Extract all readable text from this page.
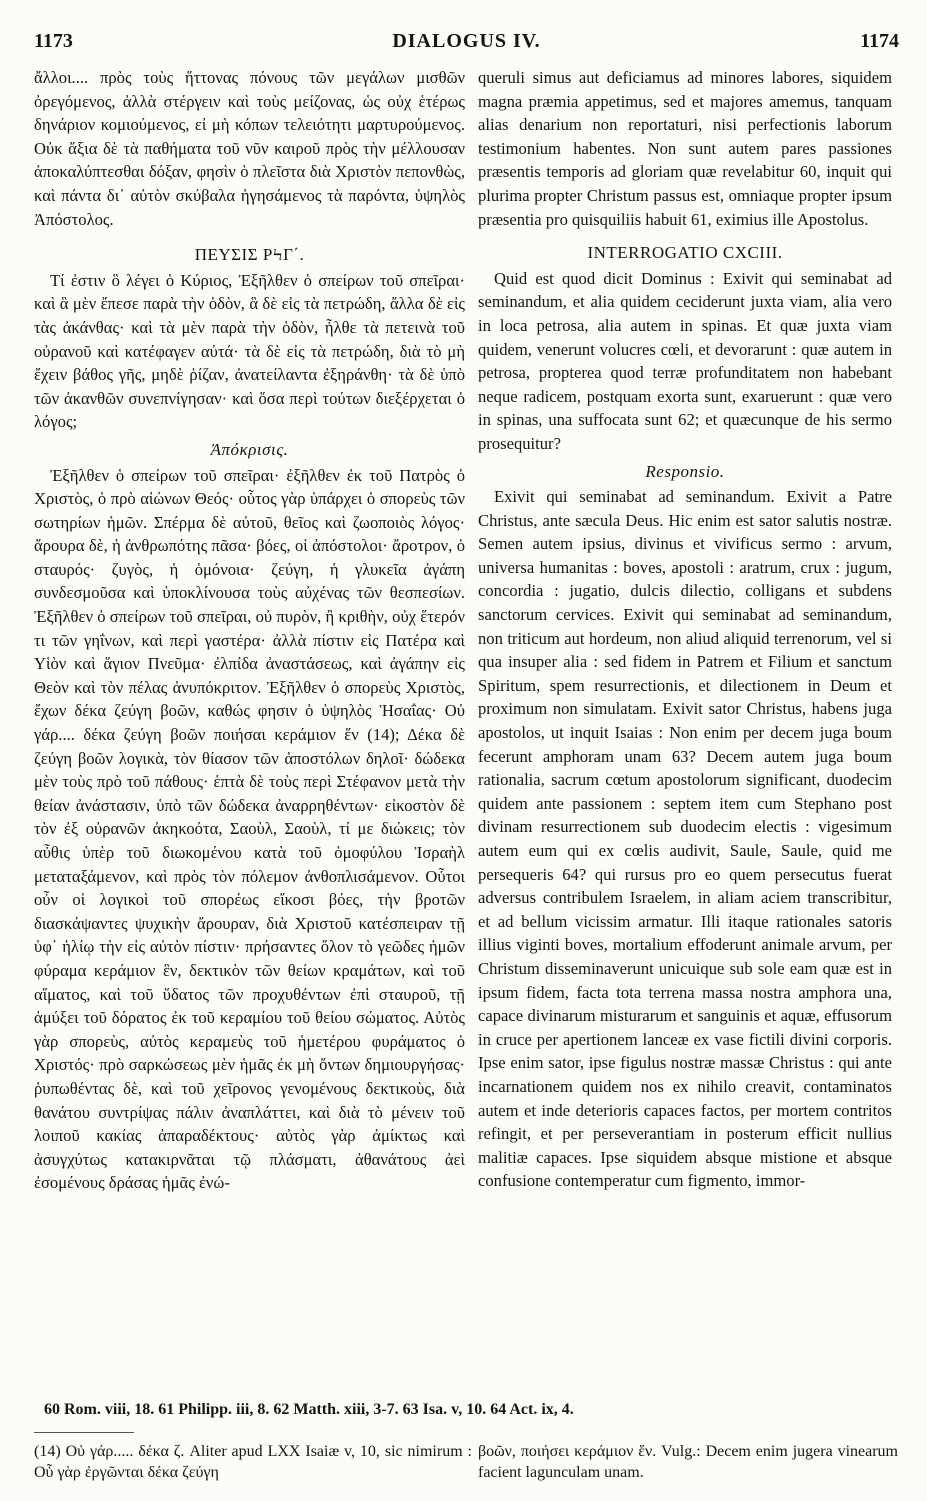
1173	DIALOGUS IV.	1174

ἄλλοι.... πρὸς τοὺς ἥττονας πόνους τῶν μεγάλων μισθῶν ὀρεγόμενος, ἀλλὰ στέργειν καὶ τοὺς μείζονας, ὡς οὐχ ἑτέρως δηνάριον κομιούμενος, εἰ μὴ κόπων τελειότητι μαρτυρούμενος. Οὐκ ἄξια δὲ τὰ παθήματα τοῦ νῦν καιροῦ πρὸς τὴν μέλλουσαν ἀποκαλύπτεσθαι δόξαν, φησὶν ὁ πλεῖστα διὰ Χριστὸν πεπονθὼς, καὶ πάντα δι᾽ αὐτὸν σκύβαλα ἡγησάμενος τὰ παρόντα, ὑψηλὸς Ἀπόστολος.

ΠΕΥΣΙΣ ΡϞΓ΄.

Τί ἐστιν ὃ λέγει ὁ Κύριος, Ἐξῆλθεν ὁ σπείρων τοῦ σπεῖραι· καὶ ἃ μὲν ἔπεσε παρὰ τὴν ὁδὸν, ἃ δὲ εἰς τὰ πετρώδη, ἄλλα δὲ εἰς τὰς ἀκάνθας· καὶ τὰ μὲν παρὰ τὴν ὁδὸν, ἦλθε τὰ πετεινὰ τοῦ οὐρανοῦ καὶ κατέφαγεν αὐτά· τὰ δὲ εἰς τὰ πετρώδη, διὰ τὸ μὴ ἔχειν βάθος γῆς, μηδὲ ῥίζαν, ἀνατείλαντα ἐξηράνθη· τὰ δὲ ὑπὸ τῶν ἀκανθῶν συνεπνίγησαν· καὶ ὅσα περὶ τούτων διεξέρχεται ὁ λόγος;

Ἀπόκρισις.

Ἐξῆλθεν ὁ σπείρων τοῦ σπεῖραι· ἐξῆλθεν ἐκ τοῦ Πατρὸς ὁ Χριστὸς, ὁ πρὸ αἰώνων Θεός· οὗτος γὰρ ὑπάρχει ὁ σπορεὺς τῶν σωτηρίων ἡμῶν. Σπέρμα δὲ αὐτοῦ, θεῖος καὶ ζωοποιὸς λόγος· ἄρουρα δὲ, ἡ ἀνθρωπότης πᾶσα· βόες, οἱ ἀπόστολοι· ἄροτρον, ὁ σταυρός· ζυγὸς, ἡ ὁμόνοια· ζεύγη, ἡ γλυκεῖα ἀγάπη συνδεσμοῦσα καὶ ὑποκλίνουσα τοὺς αὐχένας τῶν θεσπεσίων. Ἐξῆλθεν ὁ σπείρων τοῦ σπεῖραι, οὐ πυρὸν, ἢ κριθὴν, οὐχ ἕτερόν τι τῶν γηΐνων, καὶ περὶ γαστέρα· ἀλλὰ πίστιν εἰς Πατέρα καὶ Υἱὸν καὶ ἅγιον Πνεῦμα· ἐλπίδα ἀναστάσεως, καὶ ἀγάπην εἰς Θεὸν καὶ τὸν πέλας ἀνυπόκριτον. Ἐξῆλθεν ὁ σπορεὺς Χριστὸς, ἔχων δέκα ζεύγη βοῶν, καθώς φησιν ὁ ὑψηλὸς Ἡσαΐας· Οὐ γάρ.... δέκα ζεύγη βοῶν ποιήσαι κεράμιον ἕν (14); Δέκα δὲ ζεύγη βοῶν λογικὰ, τὸν θίασον τῶν ἀποστόλων δηλοῖ· δώδεκα μὲν τοὺς πρὸ τοῦ πάθους· ἑπτὰ δὲ τοὺς περὶ Στέφανον μετὰ τὴν θείαν ἀνάστασιν, ὑπὸ τῶν δώδεκα ἀναρρηθέντων· εἰκοστὸν δὲ τὸν ἐξ οὐρανῶν ἀκηκοότα, Σαοὺλ, Σαοὺλ, τί με διώκεις; τὸν αὖθις ὑπὲρ τοῦ διωκομένου κατὰ τοῦ ὁμοφύλου Ἰσραὴλ μεταταξάμενον, καὶ πρὸς τὸν πόλεμον ἀνθοπλισάμενον. Οὗτοι οὖν οἱ λογικοὶ τοῦ σπορέως εἴκοσι βόες, τὴν βροτῶν διασκάψαντες ψυχικὴν ἄρουραν, διὰ Χριστοῦ κατέσπειραν τῇ ὑφ᾽ ἡλίῳ τὴν εἰς αὐτὸν πίστιν· πρήσαντες ὅλον τὸ γεῶδες ἡμῶν φύραμα κεράμιον ἓν, δεκτικὸν τῶν θείων κραμάτων, καὶ τοῦ αἵματος, καὶ τοῦ ὕδατος τῶν προχυθέντων ἐπὶ σταυροῦ, τῇ ἀμύξει τοῦ δόρατος ἐκ τοῦ κεραμίου τοῦ θείου σώματος. Αὐτὸς γὰρ σπορεὺς, αὐτὸς κεραμεὺς τοῦ ἡμετέρου φυράματος ὁ Χριστός· πρὸ σαρκώσεως μὲν ἡμᾶς ἐκ μὴ ὄντων δημιουργήσας· ῥυπωθέντας δὲ, καὶ τοῦ χεῖρονος γενομένους δεκτικοὺς, διὰ θανάτου συντρίψας πάλιν ἀναπλάττει, καὶ διὰ τὸ μένειν τοῦ λοιποῦ κακίας ἀπαραδέκτους· αὐτὸς γὰρ ἀμίκτως καὶ ἀσυγχύτως κατακιρνᾶται τῷ πλάσματι, ἀθανάτους ἀεὶ ἐσομένους δράσας ἡμᾶς ἐνώ-

queruli simus aut deficiamus ad minores labores, siquidem magna præmia appetimus, sed et majores amemus, tanquam alias denarium non reportaturi, nisi perfectionis laborum testimonium habentes. Non sunt autem pares passiones præsentis temporis ad gloriam quæ revelabitur 60, inquit qui plurima propter Christum passus est, omniaque propter ipsum præsentia pro quisquiliis habuit 61, eximius ille Apostolus.

INTERROGATIO CXCIII.

Quid est quod dicit Dominus : Exivit qui seminabat ad seminandum, et alia quidem ceciderunt juxta viam, alia vero in loca petrosa, alia autem in spinas. Et quæ juxta viam quidem, venerunt volucres cœli, et devorarunt : quæ autem in petrosa, propterea quod terræ profunditatem non habebant neque radicem, postquam exorta sunt, exaruerunt : quæ vero in spinas, una suffocata sunt 62; et quæcunque de his sermo prosequitur?

Responsio.

Exivit qui seminabat ad seminandum. Exivit a Patre Christus, ante sæcula Deus. Hic enim est sator salutis nostræ. Semen autem ipsius, divinus et vivificus sermo : arvum, universa humanitas : boves, apostoli : aratrum, crux : jugum, concordia : jugatio, dulcis dilectio, colligans et subdens sanctorum cervices. Exivit qui seminabat ad seminandum, non triticum aut hordeum, non aliud aliquid terrenorum, vel si qua insuper alia : sed fidem in Patrem et Filium et sanctum Spiritum, spem resurrectionis, et dilectionem in Deum et proximum non simulatam. Exivit sator Christus, habens juga apostolos, ut inquit Isaias : Non enim per decem juga boum fecerunt amphoram unam 63? Decem autem juga boum rationalia, sacrum cœtum apostolorum significant, duodecim quidem ante passionem : septem item cum Stephano post divinam resurrectionem sub duodecim electis : vigesimum autem eum qui ex cœlis audivit, Saule, Saule, quid me persequeris 64? qui rursus pro eo quem persecutus fuerat adversus contribulem Israelem, in aliam aciem transcribitur, et ad bellum vicissim armatur. Illi itaque rationales satoris illius viginti boves, mortalium effoderunt animale arvum, per Christum disseminaverunt unicuique sub sole eam quæ est in ipsum fidem, facta tota terrena massa nostra amphora una, capace divinarum misturarum et sanguinis et aquæ, effusorum in cruce per apertionem lanceæ ex vase fictili divini corporis. Ipse enim sator, ipse figulus nostræ massæ Christus : qui ante incarnationem quidem nos ex nihilo creavit, contaminatos autem et inde deterioris capaces factos, per mortem contritos refingit, et per perseverantiam in posterum efficit nullius malitiæ capaces. Ipse siquidem absque mistione et absque confusione contemperatur cum figmento, immor-

60 Rom. viii, 18. 61 Philipp. iii, 8. 62 Matth. xiii, 3-7. 63 Isa. v, 10. 64 Act. ix, 4.
(14) Οὐ γάρ..... δέκα ζ. Aliter apud LXX Isaiæ v, 10, sic nimirum : Οὗ γὰρ ἐργῶνται δέκα ζεύγη
βοῶν, ποιήσει κεράμιον ἕν. Vulg.: Decem enim jugera vinearum facient lagunculam unam.
